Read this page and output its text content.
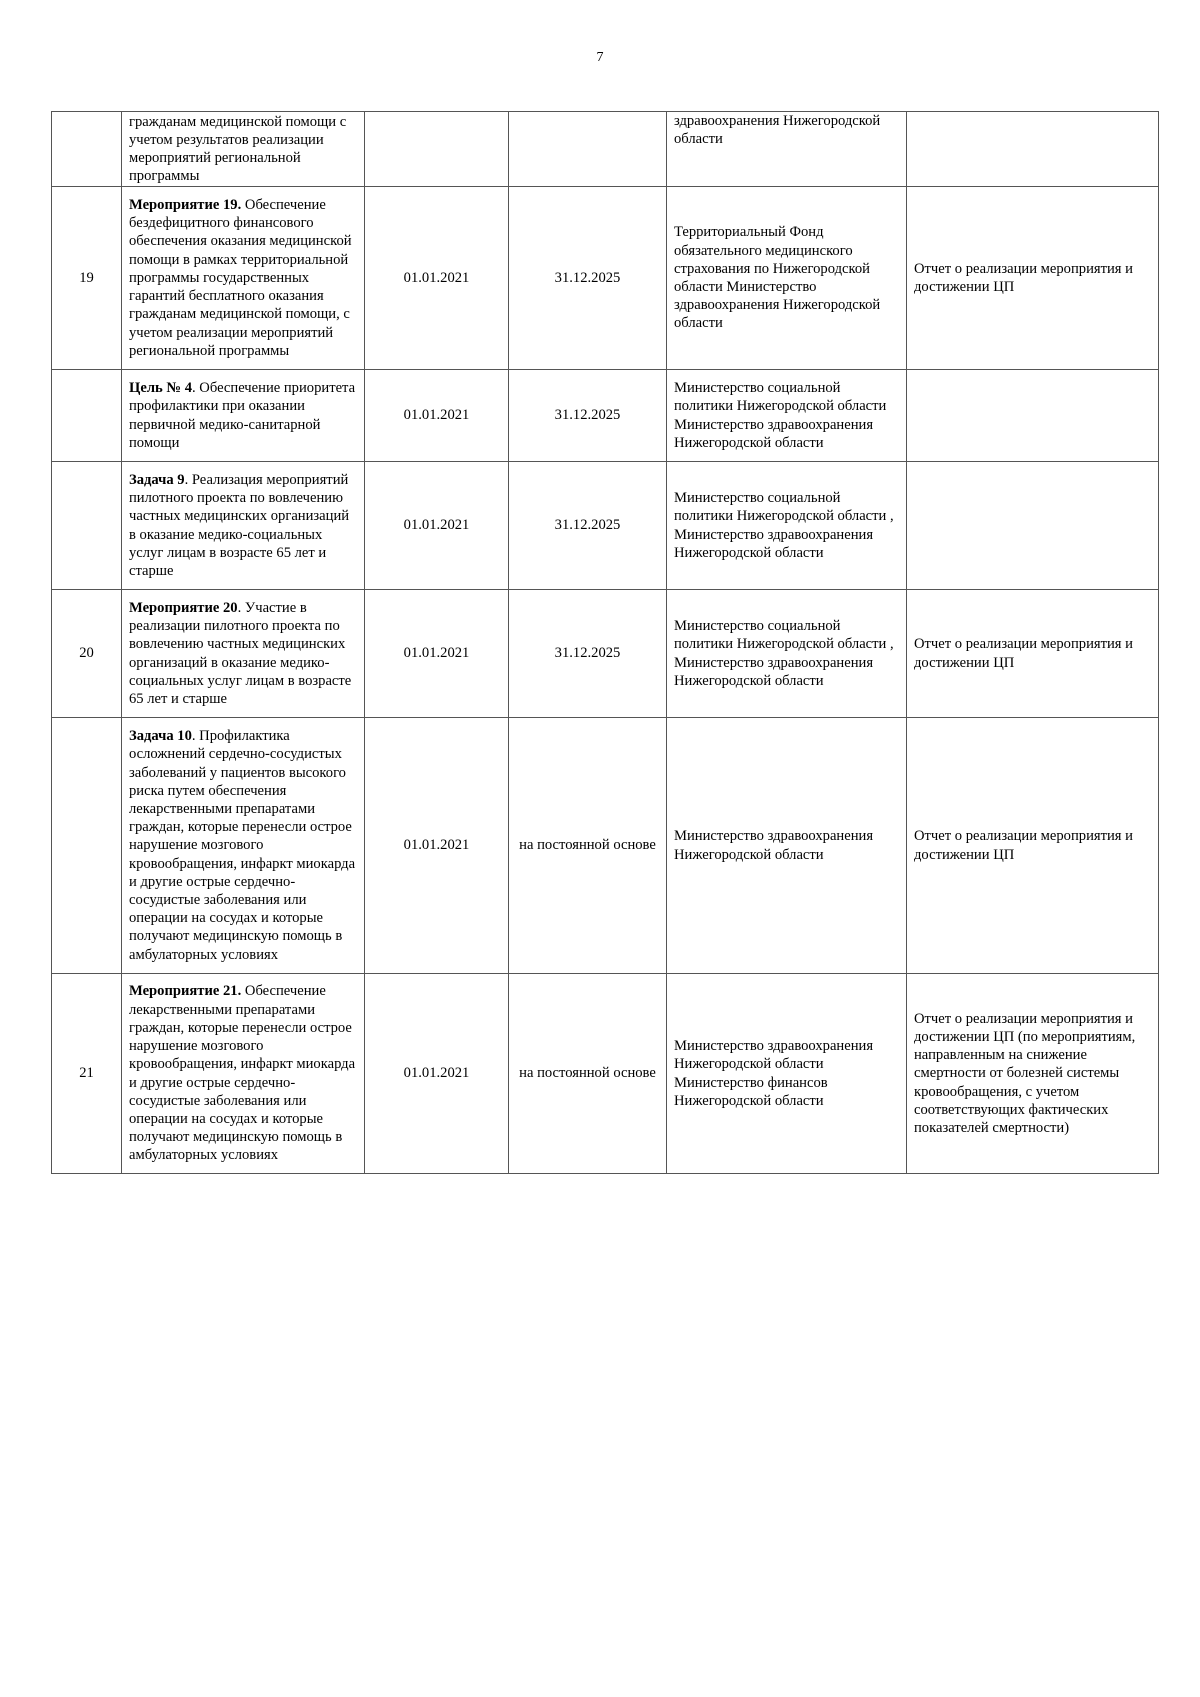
7
	гражданам медицинской помощи с учетом результатов реализации мероприятий региональной программы			здравоохранения Нижегородской области	
19	Мероприятие 19. Обеспечение бездефицитного финансового обеспечения оказания медицинской помощи в рамках территориальной программы государственных гарантий бесплатного оказания гражданам медицинской помощи, с учетом реализации мероприятий региональной программы	01.01.2021	31.12.2025	Территориальный Фонд обязательного медицинского страхования по Нижегородской области Министерство здравоохранения Нижегородской области	Отчет о реализации мероприятия и достижении ЦП
	Цель № 4. Обеспечение приоритета профилактики при оказании первичной медико-санитарной помощи	01.01.2021	31.12.2025	Министерство социальной политики Нижегородской области Министерство здравоохранения Нижегородской области	
	Задача 9. Реализация мероприятий пилотного проекта по вовлечению частных медицинских организаций в оказание медико-социальных услуг лицам в возрасте 65 лет и старше	01.01.2021	31.12.2025	Министерство социальной политики Нижегородской области , Министерство здравоохранения Нижегородской области	
20	Мероприятие 20. Участие в реализации пилотного проекта по вовлечению частных медицинских организаций в оказание медико-социальных услуг лицам в возрасте 65 лет и старше	01.01.2021	31.12.2025	Министерство социальной политики Нижегородской области , Министерство здравоохранения Нижегородской области	Отчет о реализации мероприятия и достижении ЦП
	Задача 10. Профилактика осложнений сердечно-сосудистых заболеваний у пациентов высокого риска путем обеспечения лекарственными препаратами граждан, которые перенесли острое нарушение мозгового кровообращения, инфаркт миокарда и другие острые сердечно-сосудистые заболевания или операции на сосудах и которые получают медицинскую помощь в амбулаторных условиях	01.01.2021	на постоянной основе	Министерство здравоохранения Нижегородской области	Отчет о реализации мероприятия и достижении ЦП
21	Мероприятие 21. Обеспечение лекарственными препаратами граждан, которые перенесли острое нарушение мозгового кровообращения, инфаркт миокарда и другие острые сердечно-сосудистые заболевания или операции на сосудах и которые получают медицинскую помощь в амбулаторных условиях	01.01.2021	на постоянной основе	Министерство здравоохранения Нижегородской области Министерство финансов Нижегородской области	Отчет о реализации мероприятия и достижении ЦП (по мероприятиям, направленным на снижение смертности от болезней системы кровообращения, с учетом соответствующих фактических показателей смертности)
